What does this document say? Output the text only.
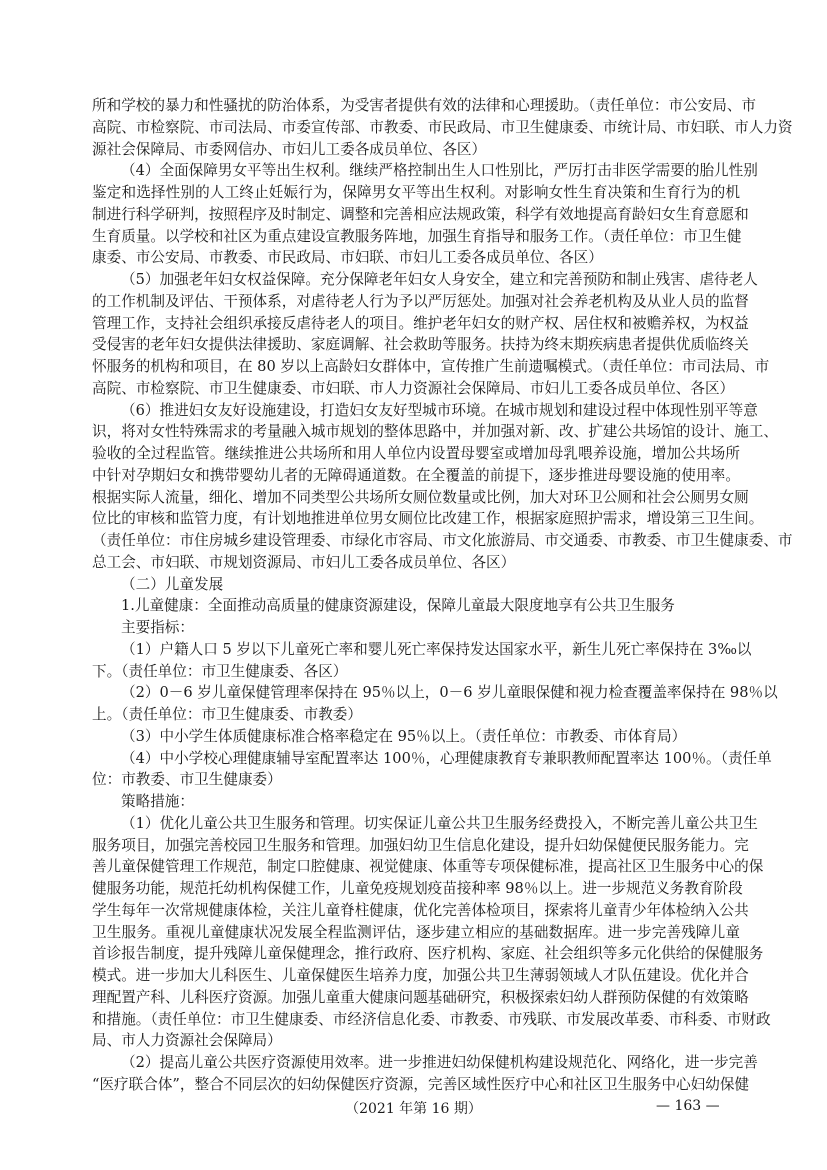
所和学校的暴力和性骚扰的防治体系，为受害者提供有效的法律和心理援助。（责任单位：市公安局、市
高院、市检察院、市司法局、市委宣传部、市教委、市民政局、市卫生健康委、市统计局、市妇联、市人力资
源社会保障局、市委网信办、市妇儿工委各成员单位、各区）
（4）全面保障男女平等出生权利。继续严格控制出生人口性别比，严厉打击非医学需要的胎儿性别
鉴定和选择性别的人工终止妊娠行为，保障男女平等出生权利。对影响女性生育决策和生育行为的机
制进行科学研判，按照程序及时制定、调整和完善相应法规政策，科学有效地提高育龄妇女生育意愿和
生育质量。以学校和社区为重点建设宣教服务阵地，加强生育指导和服务工作。（责任单位：市卫生健
康委、市公安局、市教委、市民政局、市妇联、市妇儿工委各成员单位、各区）
（5）加强老年妇女权益保障。充分保障老年妇女人身安全，建立和完善预防和制止残害、虐待老人
的工作机制及评估、干预体系，对虐待老人行为予以严厉惩处。加强对社会养老机构及从业人员的监督
管理工作，支持社会组织承接反虐待老人的项目。维护老年妇女的财产权、居住权和被赡养权，为权益
受侵害的老年妇女提供法律援助、家庭调解、社会救助等服务。扶持为终末期疾病患者提供优质临终关
怀服务的机构和项目，在 80 岁以上高龄妇女群体中，宣传推广生前遗嘱模式。（责任单位：市司法局、市
高院、市检察院、市卫生健康委、市妇联、市人力资源社会保障局、市妇儿工委各成员单位、各区）
（6）推进妇女友好设施建设，打造妇女友好型城市环境。在城市规划和建设过程中体现性别平等意
识，将对女性特殊需求的考量融入城市规划的整体思路中，并加强对新、改、扩建公共场馆的设计、施工、
验收的全过程监管。继续推进公共场所和用人单位内设置母婴室或增加母乳喂养设施，增加公共场所
中针对孕期妇女和携带婴幼儿者的无障碍通道数。在全覆盖的前提下，逐步推进母婴设施的使用率。
根据实际人流量，细化、增加不同类型公共场所女厕位数量或比例，加大对环卫公厕和社会公厕男女厕
位比的审核和监管力度，有计划地推进单位男女厕位比改建工作，根据家庭照护需求，增设第三卫生间。
（责任单位：市住房城乡建设管理委、市绿化市容局、市文化旅游局、市交通委、市教委、市卫生健康委、市
总工会、市妇联、市规划资源局、市妇儿工委各成员单位、各区）
（二）儿童发展
1.儿童健康：全面推动高质量的健康资源建设，保障儿童最大限度地享有公共卫生服务
主要指标：
（1）户籍人口 5 岁以下儿童死亡率和婴儿死亡率保持发达国家水平，新生儿死亡率保持在 3‰以
下。（责任单位：市卫生健康委、各区）
（2）0－6 岁儿童保健管理率保持在 95％以上，0－6 岁儿童眼保健和视力检查覆盖率保持在 98％以
上。（责任单位：市卫生健康委、市教委）
（3）中小学生体质健康标准合格率稳定在 95％以上。（责任单位：市教委、市体育局）
（4）中小学校心理健康辅导室配置率达 100％，心理健康教育专兼职教师配置率达 100％。（责任单
位：市教委、市卫生健康委）
策略措施：
（1）优化儿童公共卫生服务和管理。切实保证儿童公共卫生服务经费投入，不断完善儿童公共卫生
服务项目，加强完善校园卫生服务和管理。加强妇幼卫生信息化建设，提升妇幼保健便民服务能力。完
善儿童保健管理工作规范，制定口腔健康、视觉健康、体重等专项保健标准，提高社区卫生服务中心的保
健服务功能，规范托幼机构保健工作，儿童免疫规划疫苗接种率 98％以上。进一步规范义务教育阶段
学生每年一次常规健康体检，关注儿童脊柱健康，优化完善体检项目，探索将儿童青少年体检纳入公共
卫生服务。重视儿童健康状况发展全程监测评估，逐步建立相应的基础数据库。进一步完善残障儿童
首诊报告制度，提升残障儿童保健理念，推行政府、医疗机构、家庭、社会组织等多元化供给的保健服务
模式。进一步加大儿科医生、儿童保健医生培养力度，加强公共卫生薄弱领域人才队伍建设。优化并合
理配置产科、儿科医疗资源。加强儿童重大健康问题基础研究，积极探索妇幼人群预防保健的有效策略
和措施。（责任单位：市卫生健康委、市经济信息化委、市教委、市残联、市发展改革委、市科委、市财政
局、市人力资源社会保障局）
（2）提高儿童公共医疗资源使用效率。进一步推进妇幼保健机构建设规范化、网络化，进一步完善
“医疗联合体”，整合不同层次的妇幼保健医疗资源，完善区域性医疗中心和社区卫生服务中心妇幼保健
（2021 年第 16 期）	— 163 —
